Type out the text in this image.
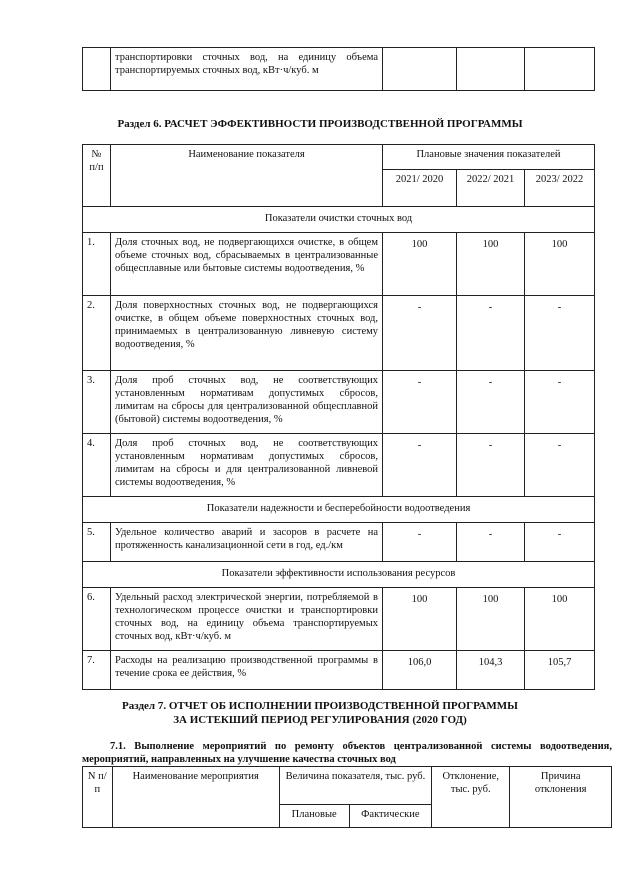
	транспортировки сточных вод, на единицу объема транспортируемых сточных вод, кВт·ч/куб. м			
Раздел 6. РАСЧЕТ ЭФФЕКТИВНОСТИ ПРОИЗВОДСТВЕННОЙ ПРОГРАММЫ
№ п/п	Наименование показателя	Плановые значения показателей		
		2021/ 2020	2022/ 2021	2023/ 2022
Показатели очистки сточных вод				
1.	Доля сточных вод, не подвергающихся очистке, в общем объеме сточных вод, сбрасываемых в централизованные общесплавные или бытовые системы водоотведения, %	100	100	100
2.	Доля поверхностных сточных вод, не подвергающихся очистке, в общем объеме поверхностных сточных вод, принимаемых в централизованную ливневую систему водоотведения, %	-	-	-
3.	Доля проб сточных вод, не соответствующих установленным нормативам допустимых сбросов, лимитам на сбросы для централизованной общесплавной (бытовой) системы водоотведения, %	-	-	-
4.	Доля проб сточных вод, не соответствующих установленным нормативам допустимых сбросов, лимитам на сбросы и для централизованной ливневой системы водоотведения, %	-	-	-
Показатели надежности и бесперебойности водоотведения				
5.	Удельное количество аварий и засоров в расчете на протяженность канализационной сети в год, ед./км	-	-	-
Показатели эффективности использования ресурсов				
6.	Удельный расход электрической энергии, потребляемой в технологическом процессе очистки и транспортировки сточных вод, на единицу объема транспортируемых сточных вод, кВт·ч/куб. м	100	100	100
7.	Расходы на реализацию производственной программы в течение срока ее действия, %	106,0	104,3	105,7
Раздел 7. ОТЧЕТ ОБ ИСПОЛНЕНИИ ПРОИЗВОДСТВЕННОЙ ПРОГРАММЫ
ЗА ИСТЕКШИЙ ПЕРИОД РЕГУЛИРОВАНИЯ (2020 ГОД)
7.1. Выполнение мероприятий по ремонту объектов централизованной системы водоотведения, мероприятий, направленных на улучшение качества сточных вод
N п/п	Наименование мероприятия	Величина показателя, тыс. руб.		Отклонение, тыс. руб.	Причина отклонения
		Плановые	Фактические		
